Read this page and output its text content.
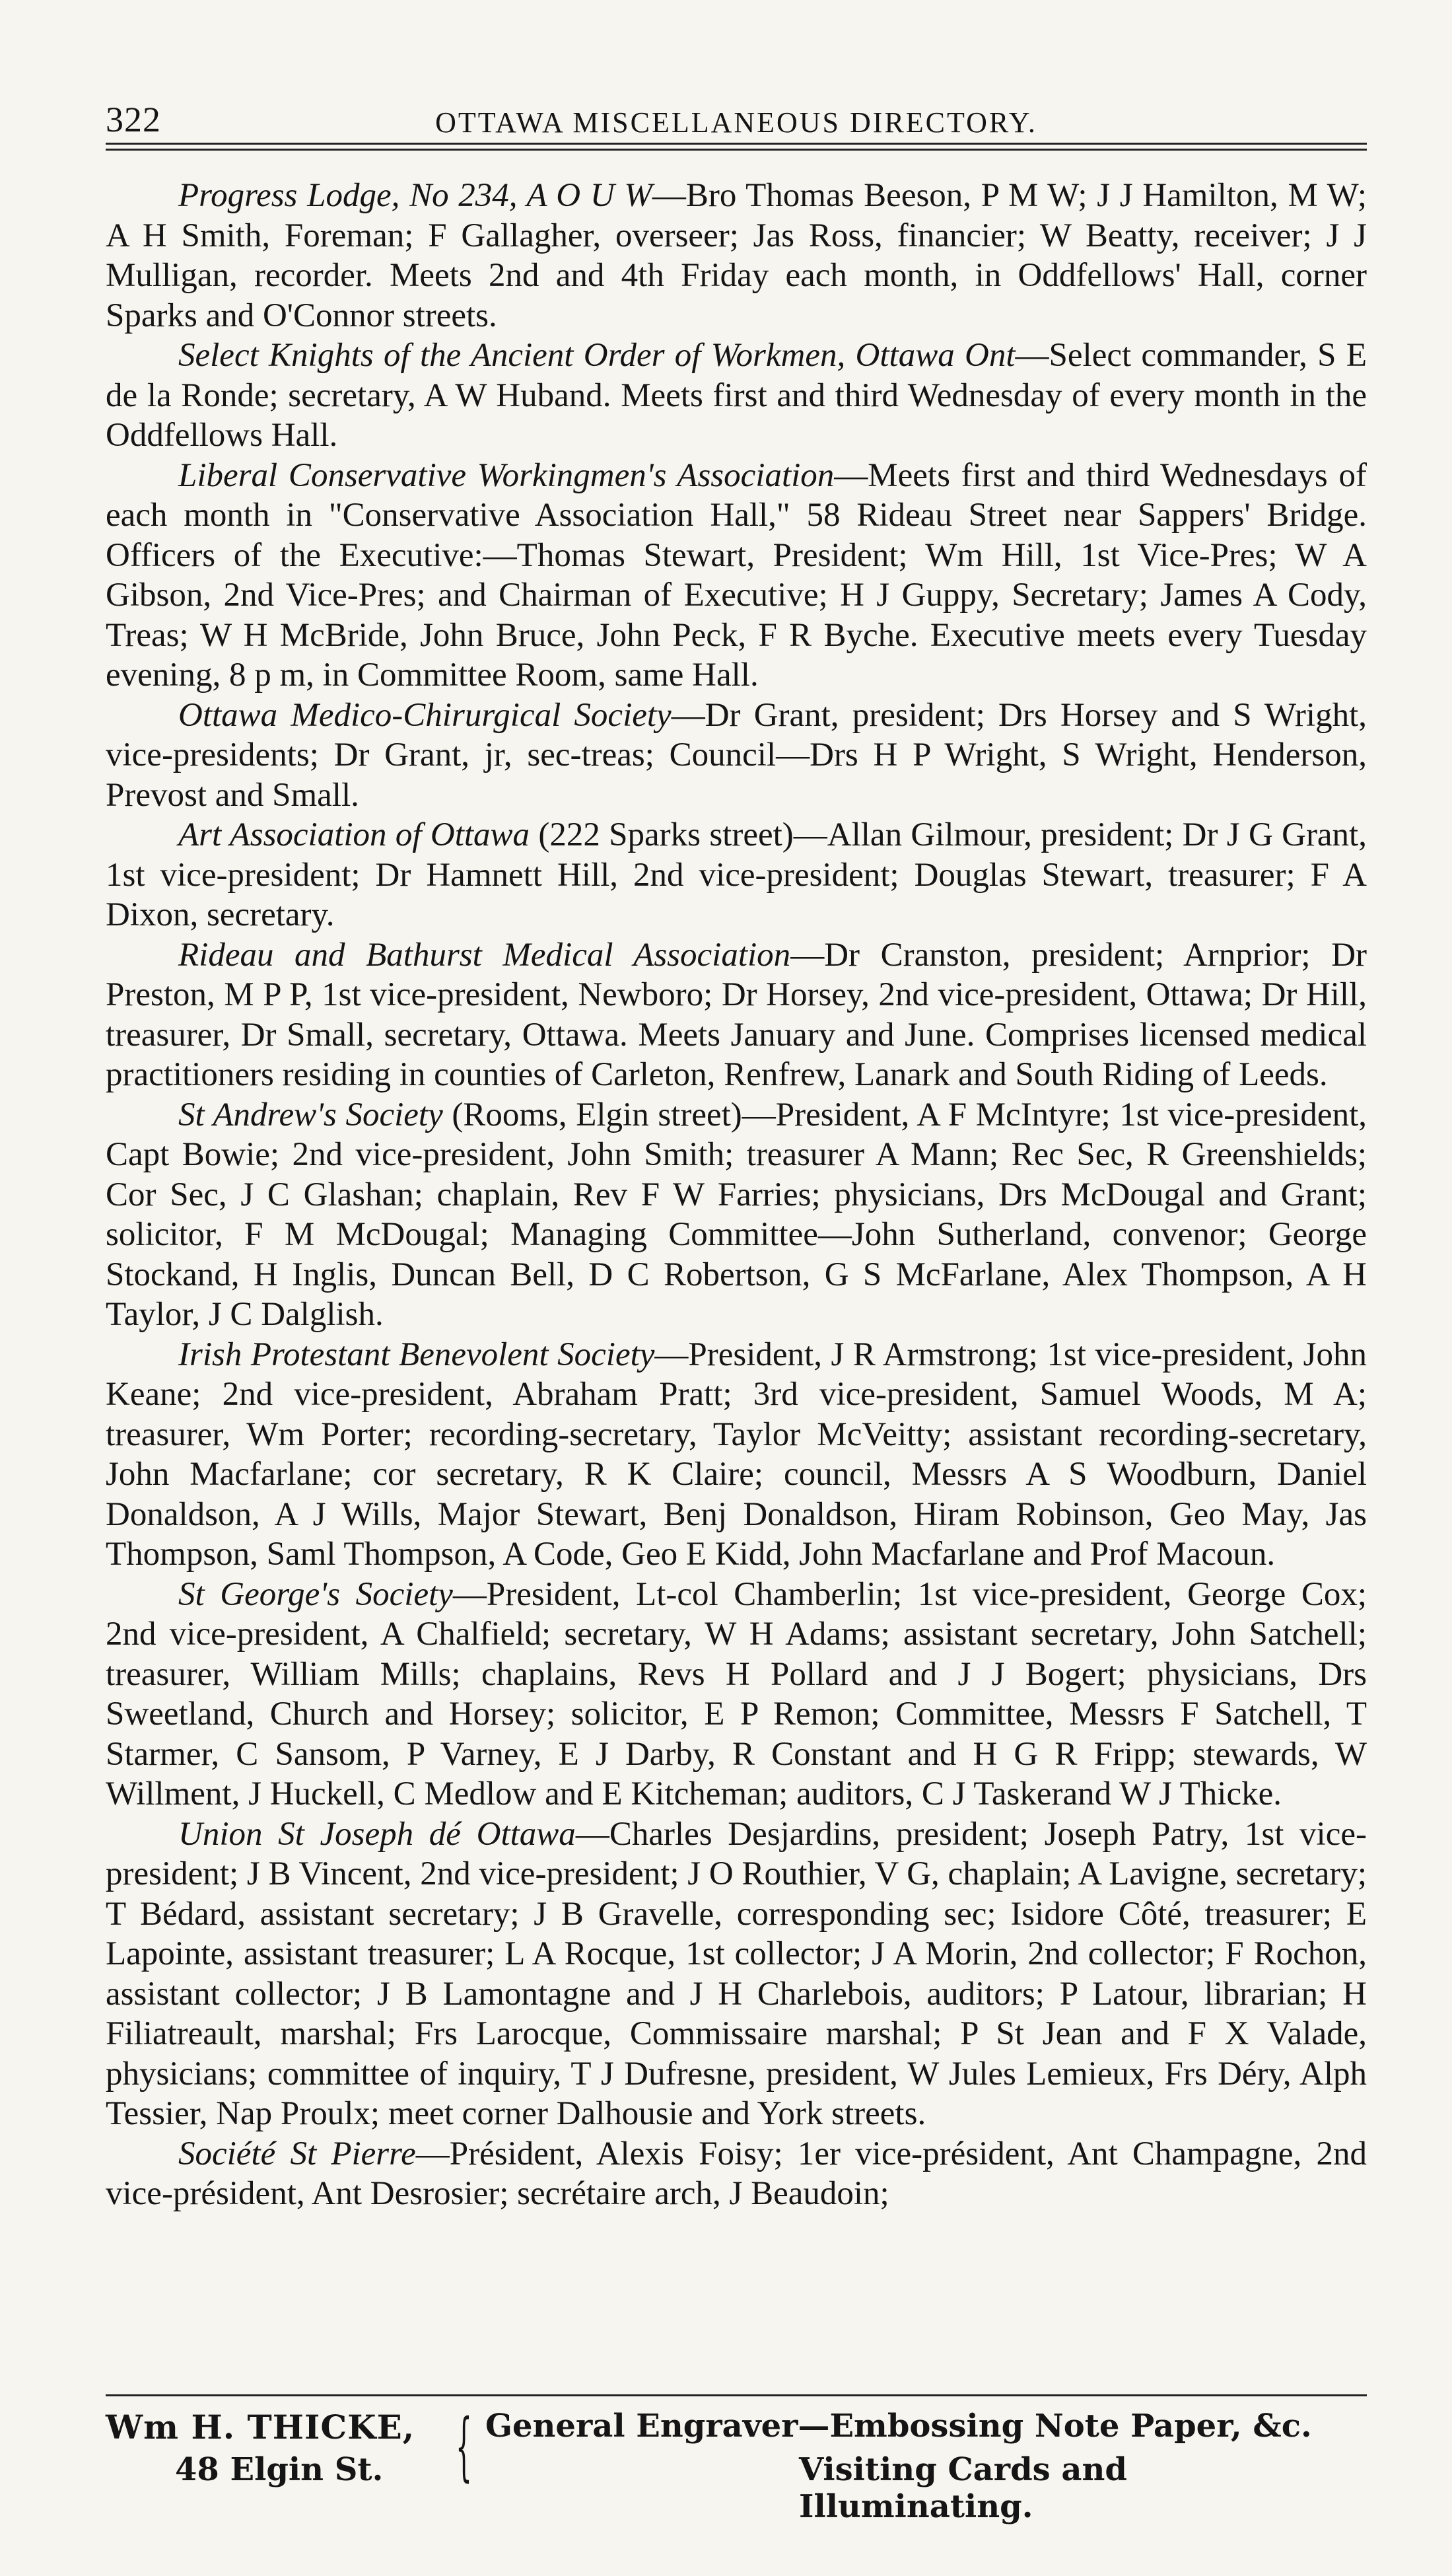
322	OTTAWA MISCELLANEOUS DIRECTORY.

Progress Lodge, No 234, A O U W—Bro Thomas Beeson, P M W; J J Hamilton, M W; A H Smith, Foreman; F Gallagher, overseer; Jas Ross, financier; W Beatty, receiver; J J Mulligan, recorder. Meets 2nd and 4th Friday each month, in Oddfellows' Hall, corner Sparks and O'Connor streets.

Select Knights of the Ancient Order of Workmen, Ottawa Ont—Select commander, S E de la Ronde; secretary, A W Huband. Meets first and third Wednesday of every month in the Oddfellows Hall.

Liberal Conservative Workingmen's Association—Meets first and third Wednesdays of each month in "Conservative Association Hall," 58 Rideau Street near Sappers' Bridge. Officers of the Executive:—Thomas Stewart, President; Wm Hill, 1st Vice-Pres; W A Gibson, 2nd Vice-Pres; and Chairman of Executive; H J Guppy, Secretary; James A Cody, Treas; W H McBride, John Bruce, John Peck, F R Byche. Executive meets every Tuesday evening, 8 p m, in Committee Room, same Hall.

Ottawa Medico-Chirurgical Society—Dr Grant, president; Drs Horsey and S Wright, vice-presidents; Dr Grant, jr, sec-treas; Council—Drs H P Wright, S Wright, Henderson, Prevost and Small.

Art Association of Ottawa (222 Sparks street)—Allan Gilmour, president; Dr J G Grant, 1st vice-president; Dr Hamnett Hill, 2nd vice-president; Douglas Stewart, treasurer; F A Dixon, secretary.

Rideau and Bathurst Medical Association—Dr Cranston, president; Arnprior; Dr Preston, M P P, 1st vice-president, Newboro; Dr Horsey, 2nd vice-president, Ottawa; Dr Hill, treasurer, Dr Small, secretary, Ottawa. Meets January and June. Comprises licensed medical practitioners residing in counties of Carleton, Renfrew, Lanark and South Riding of Leeds.

St Andrew's Society (Rooms, Elgin street)—President, A F McIntyre; 1st vice-president, Capt Bowie; 2nd vice-president, John Smith; treasurer A Mann; Rec Sec, R Greenshields; Cor Sec, J C Glashan; chaplain, Rev F W Farries; physicians, Drs McDougal and Grant; solicitor, F M McDougal; Managing Committee—John Sutherland, convenor; George Stockand, H Inglis, Duncan Bell, D C Robertson, G S McFarlane, Alex Thompson, A H Taylor, J C Dalglish.

Irish Protestant Benevolent Society—President, J R Armstrong; 1st vice-president, John Keane; 2nd vice-president, Abraham Pratt; 3rd vice-president, Samuel Woods, M A; treasurer, Wm Porter; recording-secretary, Taylor McVeitty; assistant recording-secretary, John Macfarlane; cor secretary, R K Claire; council, Messrs A S Woodburn, Daniel Donaldson, A J Wills, Major Stewart, Benj Donaldson, Hiram Robinson, Geo May, Jas Thompson, Saml Thompson, A Code, Geo E Kidd, John Macfarlane and Prof Macoun.

St George's Society—President, Lt-col Chamberlin; 1st vice-president, George Cox; 2nd vice-president, A Chalfield; secretary, W H Adams; assistant secretary, John Satchell; treasurer, William Mills; chaplains, Revs H Pollard and J J Bogert; physicians, Drs Sweetland, Church and Horsey; solicitor, E P Remon; Committee, Messrs F Satchell, T Starmer, C Sansom, P Varney, E J Darby, R Constant and H G R Fripp; stewards, W Willment, J Huckell, C Medlow and E Kitcheman; auditors, C J Taskerand W J Thicke.

Union St Joseph dé Ottawa—Charles Desjardins, president; Joseph Patry, 1st vice-president; J B Vincent, 2nd vice-president; J O Routhier, V G, chaplain; A Lavigne, secretary; T Bédard, assistant secretary; J B Gravelle, corresponding sec; Isidore Côté, treasurer; E Lapointe, assistant treasurer; L A Rocque, 1st collector; J A Morin, 2nd collector; F Rochon, assistant collector; J B Lamontagne and J H Charlebois, auditors; P Latour, librarian; H Filiatreault, marshal; Frs Larocque, Commissaire marshal; P St Jean and F X Valade, physicians; committee of inquiry, T J Dufresne, president, W Jules Lemieux, Frs Déry, Alph Tessier, Nap Proulx; meet corner Dalhousie and York streets.

Société St Pierre—Président, Alexis Foisy; 1er vice-président, Ant Champagne, 2nd vice-président, Ant Desrosier; secrétaire arch, J Beaudoin;

Wm H. THICKE,
48 Elgin St. { General Engraver—Embossing Note Paper, &c.
Visiting Cards and Illuminating.
